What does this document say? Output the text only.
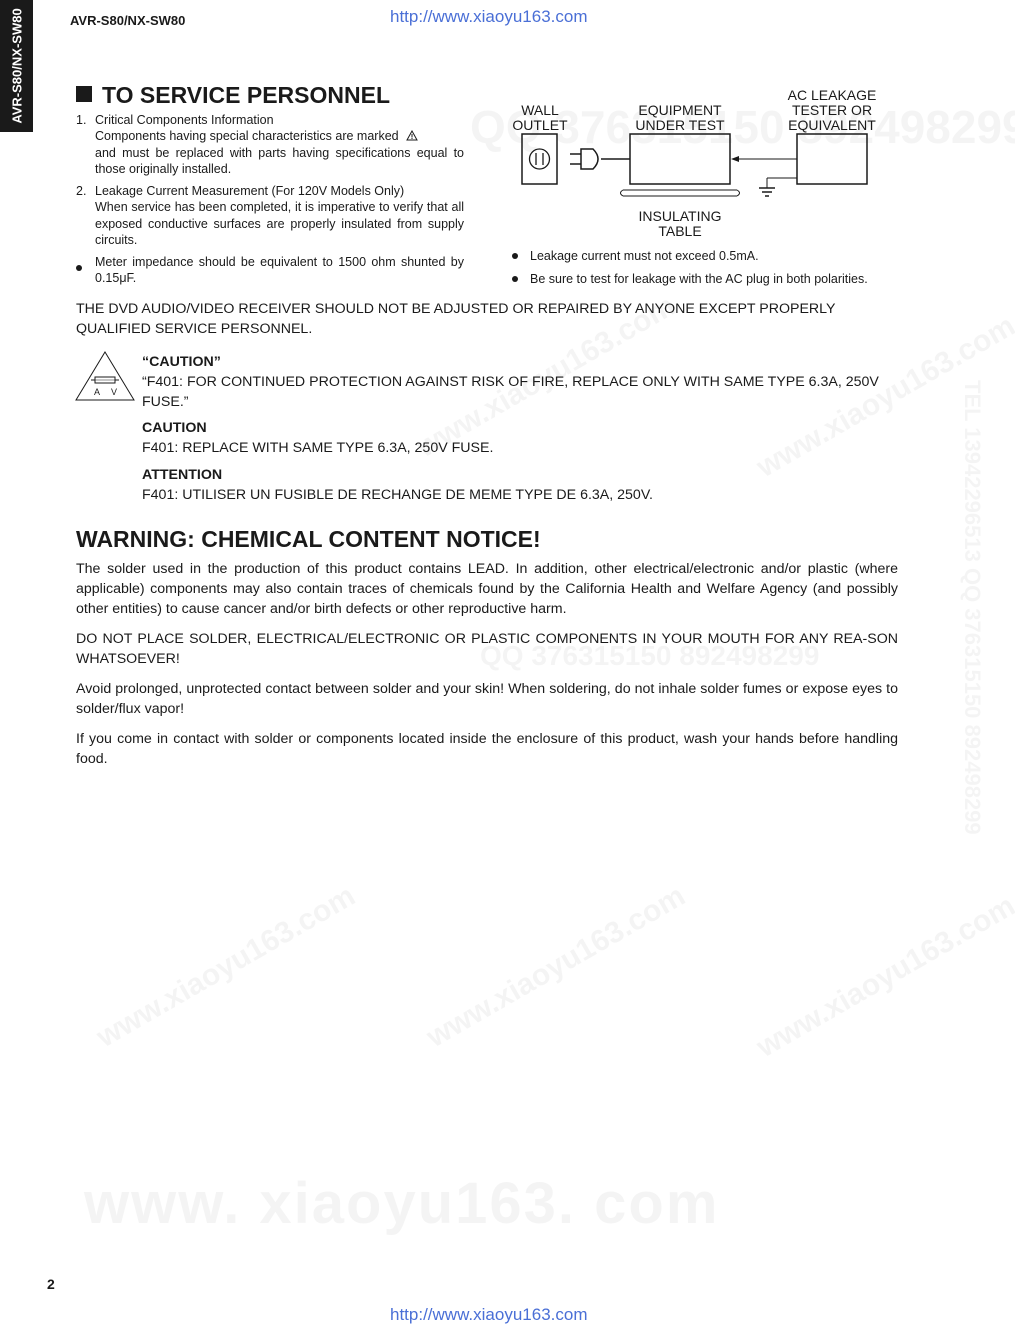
AVR-S80/NX-SW80	AVR-S80/NX-SW80	http://www.xiaoyu163.com
TO SERVICE PERSONNEL
1. Critical Components Information
Components having special characteristics are marked
and must be replaced with parts having specifications equal to those originally installed.
2. Leakage Current Measurement (For 120V Models Only)
When service has been completed, it is imperative to verify that all exposed conductive surfaces are properly insulated from supply circuits.
Meter impedance should be equivalent to 1500 ohm shunted by 0.15μF.
WALL
OUTLET
EQUIPMENT
UNDER TEST
AC LEAKAGE
TESTER OR
EQUIVALENT
INSULATING
TABLE
Leakage current must not exceed 0.5mA.
Be sure to test for leakage with the AC plug in both polarities.
THE DVD AUDIO/VIDEO RECEIVER SHOULD NOT BE ADJUSTED OR REPAIRED BY ANYONE EXCEPT PROPERLY QUALIFIED SERVICE PERSONNEL.
A V
“CAUTION”
“F401: FOR CONTINUED PROTECTION AGAINST RISK OF FIRE, REPLACE ONLY WITH SAME TYPE 6.3A, 250V FUSE.”
CAUTION
F401: REPLACE WITH SAME TYPE 6.3A, 250V FUSE.
ATTENTION
F401: UTILISER UN FUSIBLE DE RECHANGE DE MEME TYPE DE 6.3A, 250V.
WARNING: CHEMICAL CONTENT NOTICE!
The solder used in the production of this product contains LEAD. In addition, other electrical/electronic and/or plastic (where applicable) components may also contain traces of chemicals found by the California Health and Welfare Agency (and possibly other entities) to cause cancer and/or birth defects or other reproductive harm.
DO NOT PLACE SOLDER, ELECTRICAL/ELECTRONIC OR PLASTIC COMPONENTS IN YOUR MOUTH FOR ANY REA-SON WHATSOEVER!
Avoid prolonged, unprotected contact between solder and your skin! When soldering, do not inhale solder fumes or expose eyes to solder/flux vapor!
If you come in contact with solder or components located inside the enclosure of this product, wash your hands before handling food.
2
http://www.xiaoyu163.com
